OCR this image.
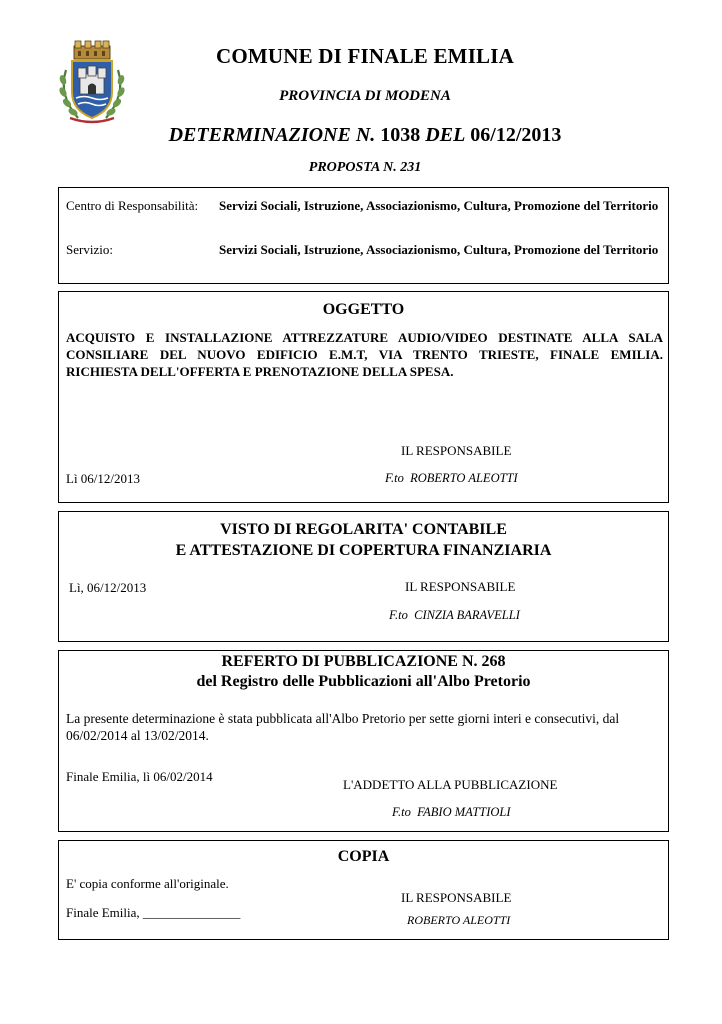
COMUNE DI FINALE EMILIA
PROVINCIA DI MODENA
DETERMINAZIONE N. 1038 DEL 06/12/2013
PROPOSTA N. 231
Centro di Responsabilità:	Servizi Sociali, Istruzione, Associazionismo, Cultura, Promozione del Territorio
Servizio:	Servizi Sociali, Istruzione, Associazionismo, Cultura, Promozione del Territorio
OGGETTO
ACQUISTO E INSTALLAZIONE ATTREZZATURE AUDIO/VIDEO DESTINATE ALLA SALA CONSILIARE DEL NUOVO EDIFICIO E.M.T, VIA TRENTO TRIESTE, FINALE EMILIA. RICHIESTA DELL'OFFERTA E PRENOTAZIONE DELLA SPESA.
IL RESPONSABILE
Lì 06/12/2013	F.to  ROBERTO ALEOTTI
VISTO DI REGOLARITA' CONTABILE
E ATTESTAZIONE DI COPERTURA FINANZIARIA
Lì, 06/12/2013	IL RESPONSABILE
F.to  CINZIA BARAVELLI
REFERTO DI PUBBLICAZIONE N. 268
del Registro delle Pubblicazioni all'Albo Pretorio
La presente determinazione è stata pubblicata all'Albo Pretorio per sette giorni interi e consecutivi, dal 06/02/2014 al 13/02/2014.
Finale Emilia, lì 06/02/2014
L'ADDETTO ALLA PUBBLICAZIONE
F.to  FABIO MATTIOLI
COPIA
E' copia conforme all'originale.
Finale Emilia, _______________
IL RESPONSABILE
ROBERTO ALEOTTI
